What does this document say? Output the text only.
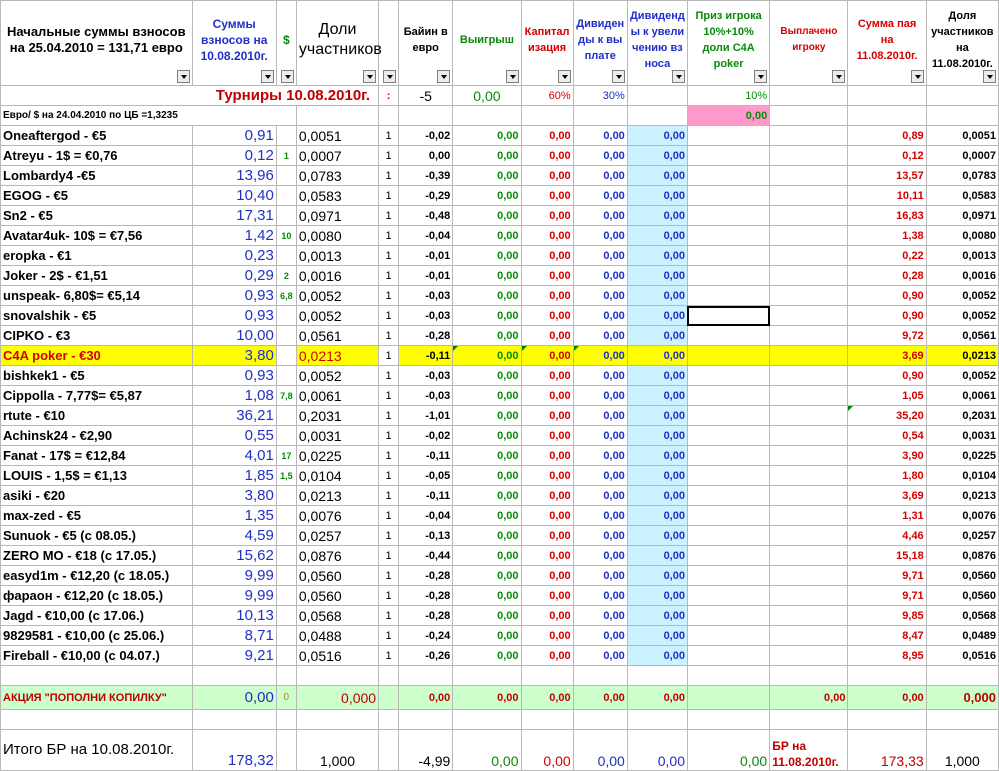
Начальные суммы взносов на 25.04.2010 = 131,71 евро	Суммы взносов на 10.08.2010г.	$	Доли участников		Байин в евро	Выигрыш	Капитализация	Дивиденды к выплате	Дивиденды к увеличению взноса	Приз игрока 10%+10% доли C4A poker	Выплачено игроку	Сумма пая на 11.08.2010г.	Доля участников на 11.08.2010г.

Турниры 10.08.2010г.				:	-5	0,00	60%	30%		10%			
Евро/ $ на 24.04.2010 по ЦБ =1,3235										0,00			
Oneaftergod - €5	0,91		0,0051	1	-0,02	0,00	0,00	0,00	0,00			0,89	0,0051
Atreyu - 1$ = €0,76	0,12	1	0,0007	1	0,00	0,00	0,00	0,00	0,00			0,12	0,0007
Lombardy4 -€5	13,96		0,0783	1	-0,39	0,00	0,00	0,00	0,00			13,57	0,0783
EGOG - €5	10,40		0,0583	1	-0,29	0,00	0,00	0,00	0,00			10,11	0,0583
Sn2 - €5	17,31		0,0971	1	-0,48	0,00	0,00	0,00	0,00			16,83	0,0971
Avatar4uk- 10$ = €7,56	1,42	10	0,0080	1	-0,04	0,00	0,00	0,00	0,00			1,38	0,0080
eropka - €1	0,23		0,0013	1	-0,01	0,00	0,00	0,00	0,00			0,22	0,0013
Joker - 2$ - €1,51	0,29	2	0,0016	1	-0,01	0,00	0,00	0,00	0,00			0,28	0,0016
unspeak- 6,80$= €5,14	0,93	6,8	0,0052	1	-0,03	0,00	0,00	0,00	0,00			0,90	0,0052
snovalshik - €5	0,93		0,0052	1	-0,03	0,00	0,00	0,00	0,00			0,90	0,0052
CIPKO - €3	10,00		0,0561	1	-0,28	0,00	0,00	0,00	0,00			9,72	0,0561
C4A poker - €30	3,80		0,0213	1	-0,11	0,00	0,00	0,00	0,00			3,69	0,0213
bishkek1 - €5	0,93		0,0052	1	-0,03	0,00	0,00	0,00	0,00			0,90	0,0052
Cippolla - 7,77$= €5,87	1,08	7,8	0,0061	1	-0,03	0,00	0,00	0,00	0,00			1,05	0,0061
rtute - €10	36,21		0,2031	1	-1,01	0,00	0,00	0,00	0,00			35,20	0,2031
Achinsk24 - €2,90	0,55		0,0031	1	-0,02	0,00	0,00	0,00	0,00			0,54	0,0031
Fanat - 17$ = €12,84	4,01	17	0,0225	1	-0,11	0,00	0,00	0,00	0,00			3,90	0,0225
LOUIS - 1,5$ = €1,13	1,85	1,5	0,0104	1	-0,05	0,00	0,00	0,00	0,00			1,80	0,0104
asiki - €20	3,80		0,0213	1	-0,11	0,00	0,00	0,00	0,00			3,69	0,0213
max-zed - €5	1,35		0,0076	1	-0,04	0,00	0,00	0,00	0,00			1,31	0,0076
Sunuok - €5 (с 08.05.)	4,59		0,0257	1	-0,13	0,00	0,00	0,00	0,00			4,46	0,0257
ZERO MO - €18 (с 17.05.)	15,62		0,0876	1	-0,44	0,00	0,00	0,00	0,00			15,18	0,0876
easyd1m - €12,20 (с 18.05.)	9,99		0,0560	1	-0,28	0,00	0,00	0,00	0,00			9,71	0,0560
фараон - €12,20 (с 18.05.)	9,99		0,0560	1	-0,28	0,00	0,00	0,00	0,00			9,71	0,0560
Jagd - €10,00 (с 17.06.)	10,13		0,0568	1	-0,28	0,00	0,00	0,00	0,00			9,85	0,0568
9829581 - €10,00 (с 25.06.)	8,71		0,0488	1	-0,24	0,00	0,00	0,00	0,00			8,47	0,0489
Fireball - €10,00 (с 04.07.)	9,21		0,0516	1	-0,26	0,00	0,00	0,00	0,00			8,95	0,0516

АКЦИЯ "ПОПОЛНИ КОПИЛКУ"	0,00	0	0,000		0,00	0,00	0,00	0,00	0,00		0,00	0,00	0,000

Итого БР на 10.08.2010г.	178,32		1,000		-4,99	0,00	0,00	0,00	0,00	0,00	БР на 11.08.2010г.	173,33	1,000
